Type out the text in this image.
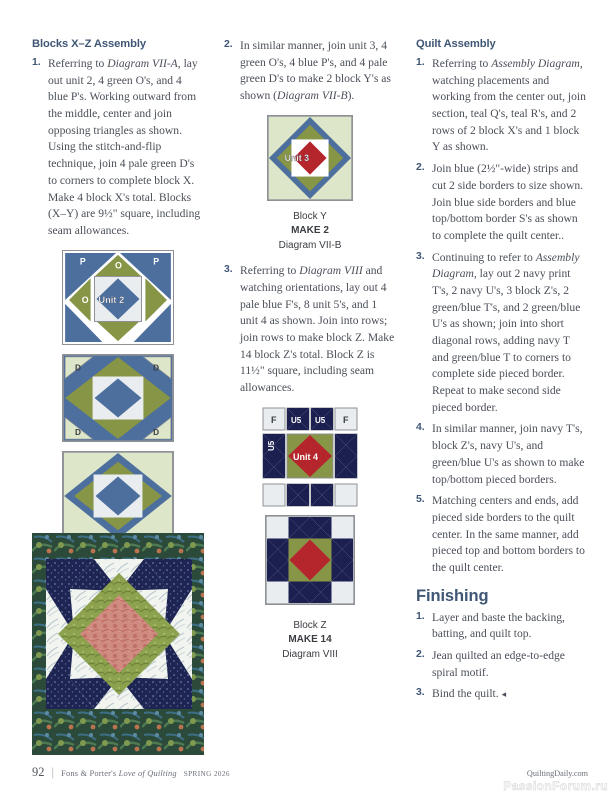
Blocks X–Z Assembly
1. Referring to Diagram VII-A, lay out unit 2, 4 green O's, and 4 blue P's. Working outward from the middle, center and join opposing triangles as shown. Using the stitch-and-flip technique, join 4 pale green D's to corners to complete block X. Make 4 block X's total. Blocks (X–Y) are 9½" square, including seam allowances.
P	P
O
O Unit 2
D	D
D	D
2. In similar manner, join unit 3, 4 green O's, 4 blue P's, and 4 pale green D's to make 2 block Y's as shown (Diagram VII-B).
Unit 3
Block Y
MAKE 2
Diagram VII-B
3. Referring to Diagram VIII and watching orientations, lay out 4 pale blue F's, 8 unit 5's, and 1 unit 4 as shown. Join into rows; join rows to make block Z. Make 14 block Z's total. Block Z is 11½" square, including seam allowances.
F U5 U5 F
U5
Unit 4
Block Z
MAKE 14
Diagram VIII
Quilt Assembly
1. Referring to Assembly Diagram, watching placements and working from the center out, join section, teal Q's, teal R's, and 2 rows of 2 block X's and 1 block Y as shown.
2. Join blue (2½"-wide) strips and cut 2 side borders to size shown. Join blue side borders and blue top/bottom border S's as shown to complete the quilt center..
3. Continuing to refer to Assembly Diagram, lay out 2 navy print T's, 2 navy U's, 3 block Z's, 2 green/blue T's, and 2 green/blue U's as shown; join into short diagonal rows, adding navy T and green/blue T to corners to complete side pieced border. Repeat to make second side pieced border.
4. In similar manner, join navy T's, block Z's, navy U's, and green/blue U's as shown to make top/bottom pieced borders.
5. Matching centers and ends, add pieced side borders to the quilt center. In the same manner, add pieced top and bottom borders to the quilt center.
Finishing
1. Layer and baste the backing, batting, and quilt top.
2. Jean quilted an edge-to-edge spiral motif.
3. Bind the quilt. ◂
92 | Fons & Porter's Love of Quilting SPRING 2026	QuiltingDaily.com
PassionForum.ru
